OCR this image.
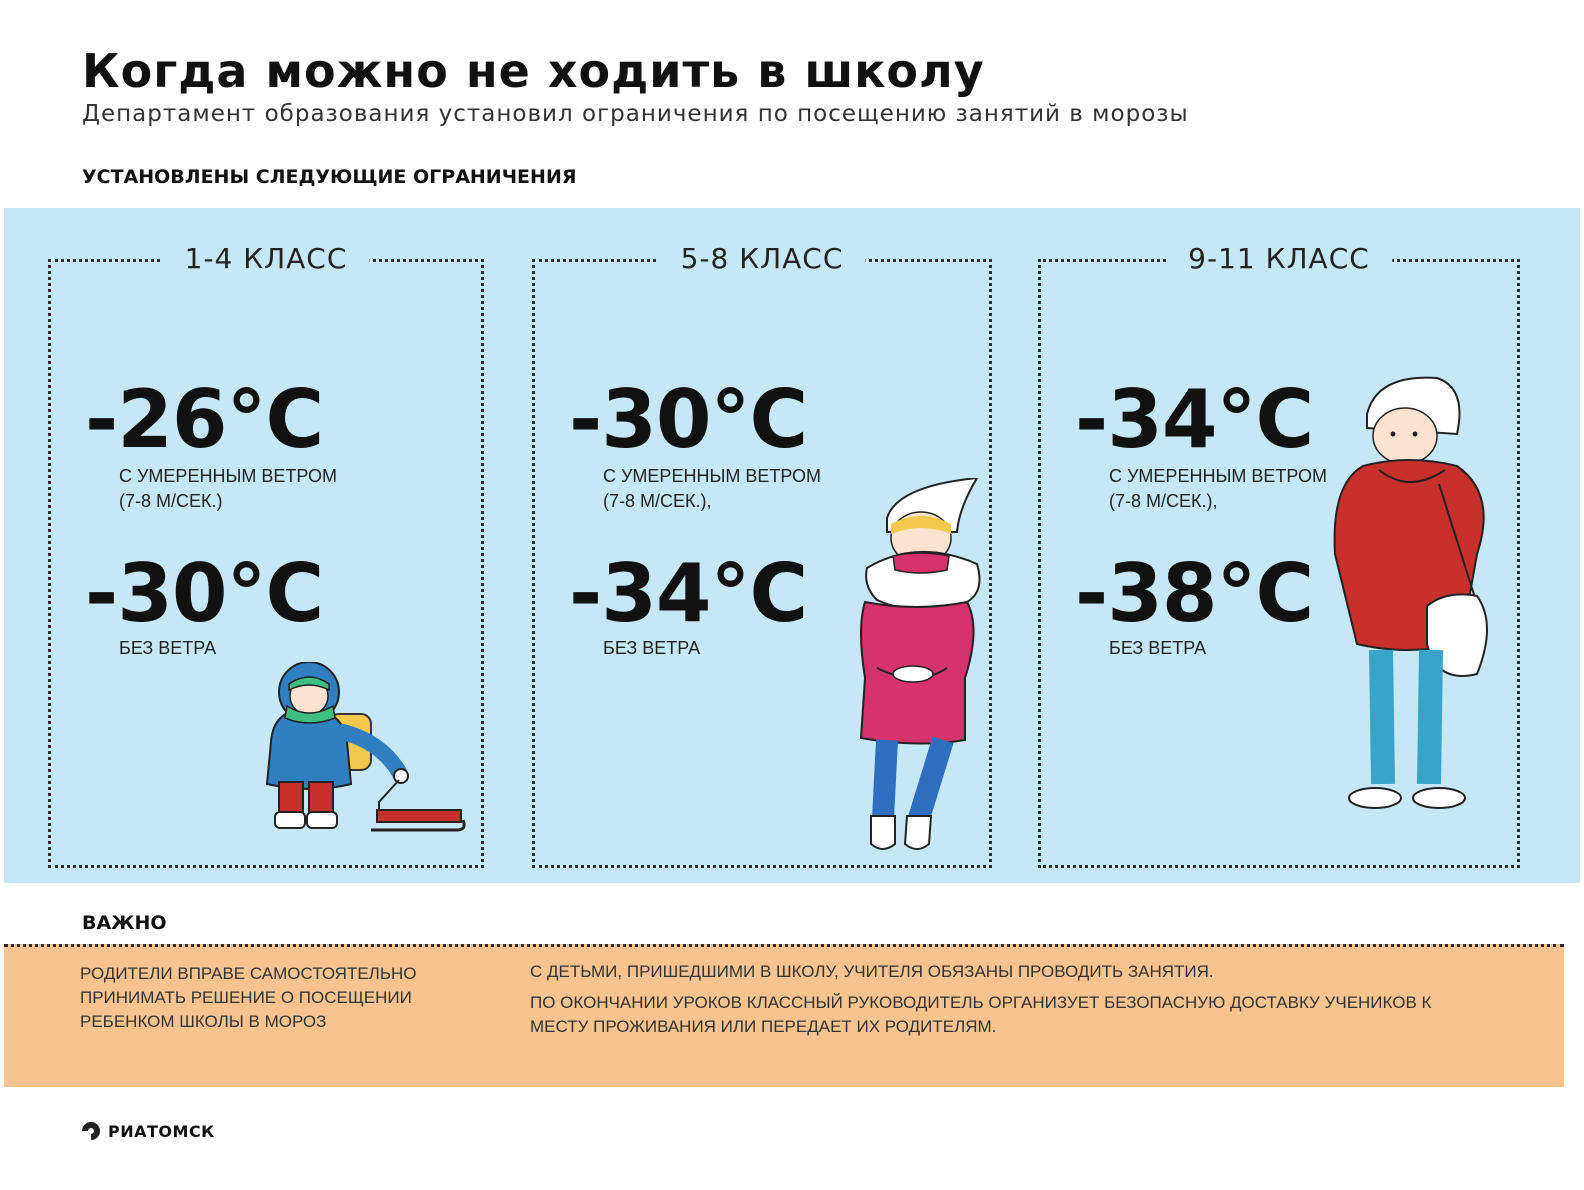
Когда можно не ходить в школу
Департамент образования установил ограничения по посещению занятий в морозы
УСТАНОВЛЕНЫ СЛЕДУЮЩИЕ ОГРАНИЧЕНИЯ
1-4 КЛАСС
-26°C
С УМЕРЕННЫМ ВЕТРОМ
(7-8 М/СЕК.)
-30°C
БЕЗ ВЕТРА
5-8 КЛАСС
-30°C
С УМЕРЕННЫМ ВЕТРОМ
(7-8 М/СЕК.),
-34°C
БЕЗ ВЕТРА
9-11 КЛАСС
-34°C
С УМЕРЕННЫМ ВЕТРОМ
(7-8 М/СЕК.),
-38°C
БЕЗ ВЕТРА
ВАЖНО
РОДИТЕЛИ ВПРАВЕ САМОСТОЯТЕЛЬНО ПРИНИМАТЬ РЕШЕНИЕ О ПОСЕЩЕНИИ РЕБЕНКОМ ШКОЛЫ В МОРОЗ
С ДЕТЬМИ, ПРИШЕДШИМИ В ШКОЛУ, УЧИТЕЛЯ ОБЯЗАНЫ ПРОВОДИТЬ ЗАНЯТИЯ.
ПО ОКОНЧАНИИ УРОКОВ КЛАССНЫЙ РУКОВОДИТЕЛЬ ОРГАНИЗУЕТ БЕЗОПАСНУЮ ДОСТАВКУ УЧЕНИКОВ К МЕСТУ ПРОЖИВАНИЯ ИЛИ ПЕРЕДАЕТ ИХ РОДИТЕЛЯМ.
РИАТОМСК
